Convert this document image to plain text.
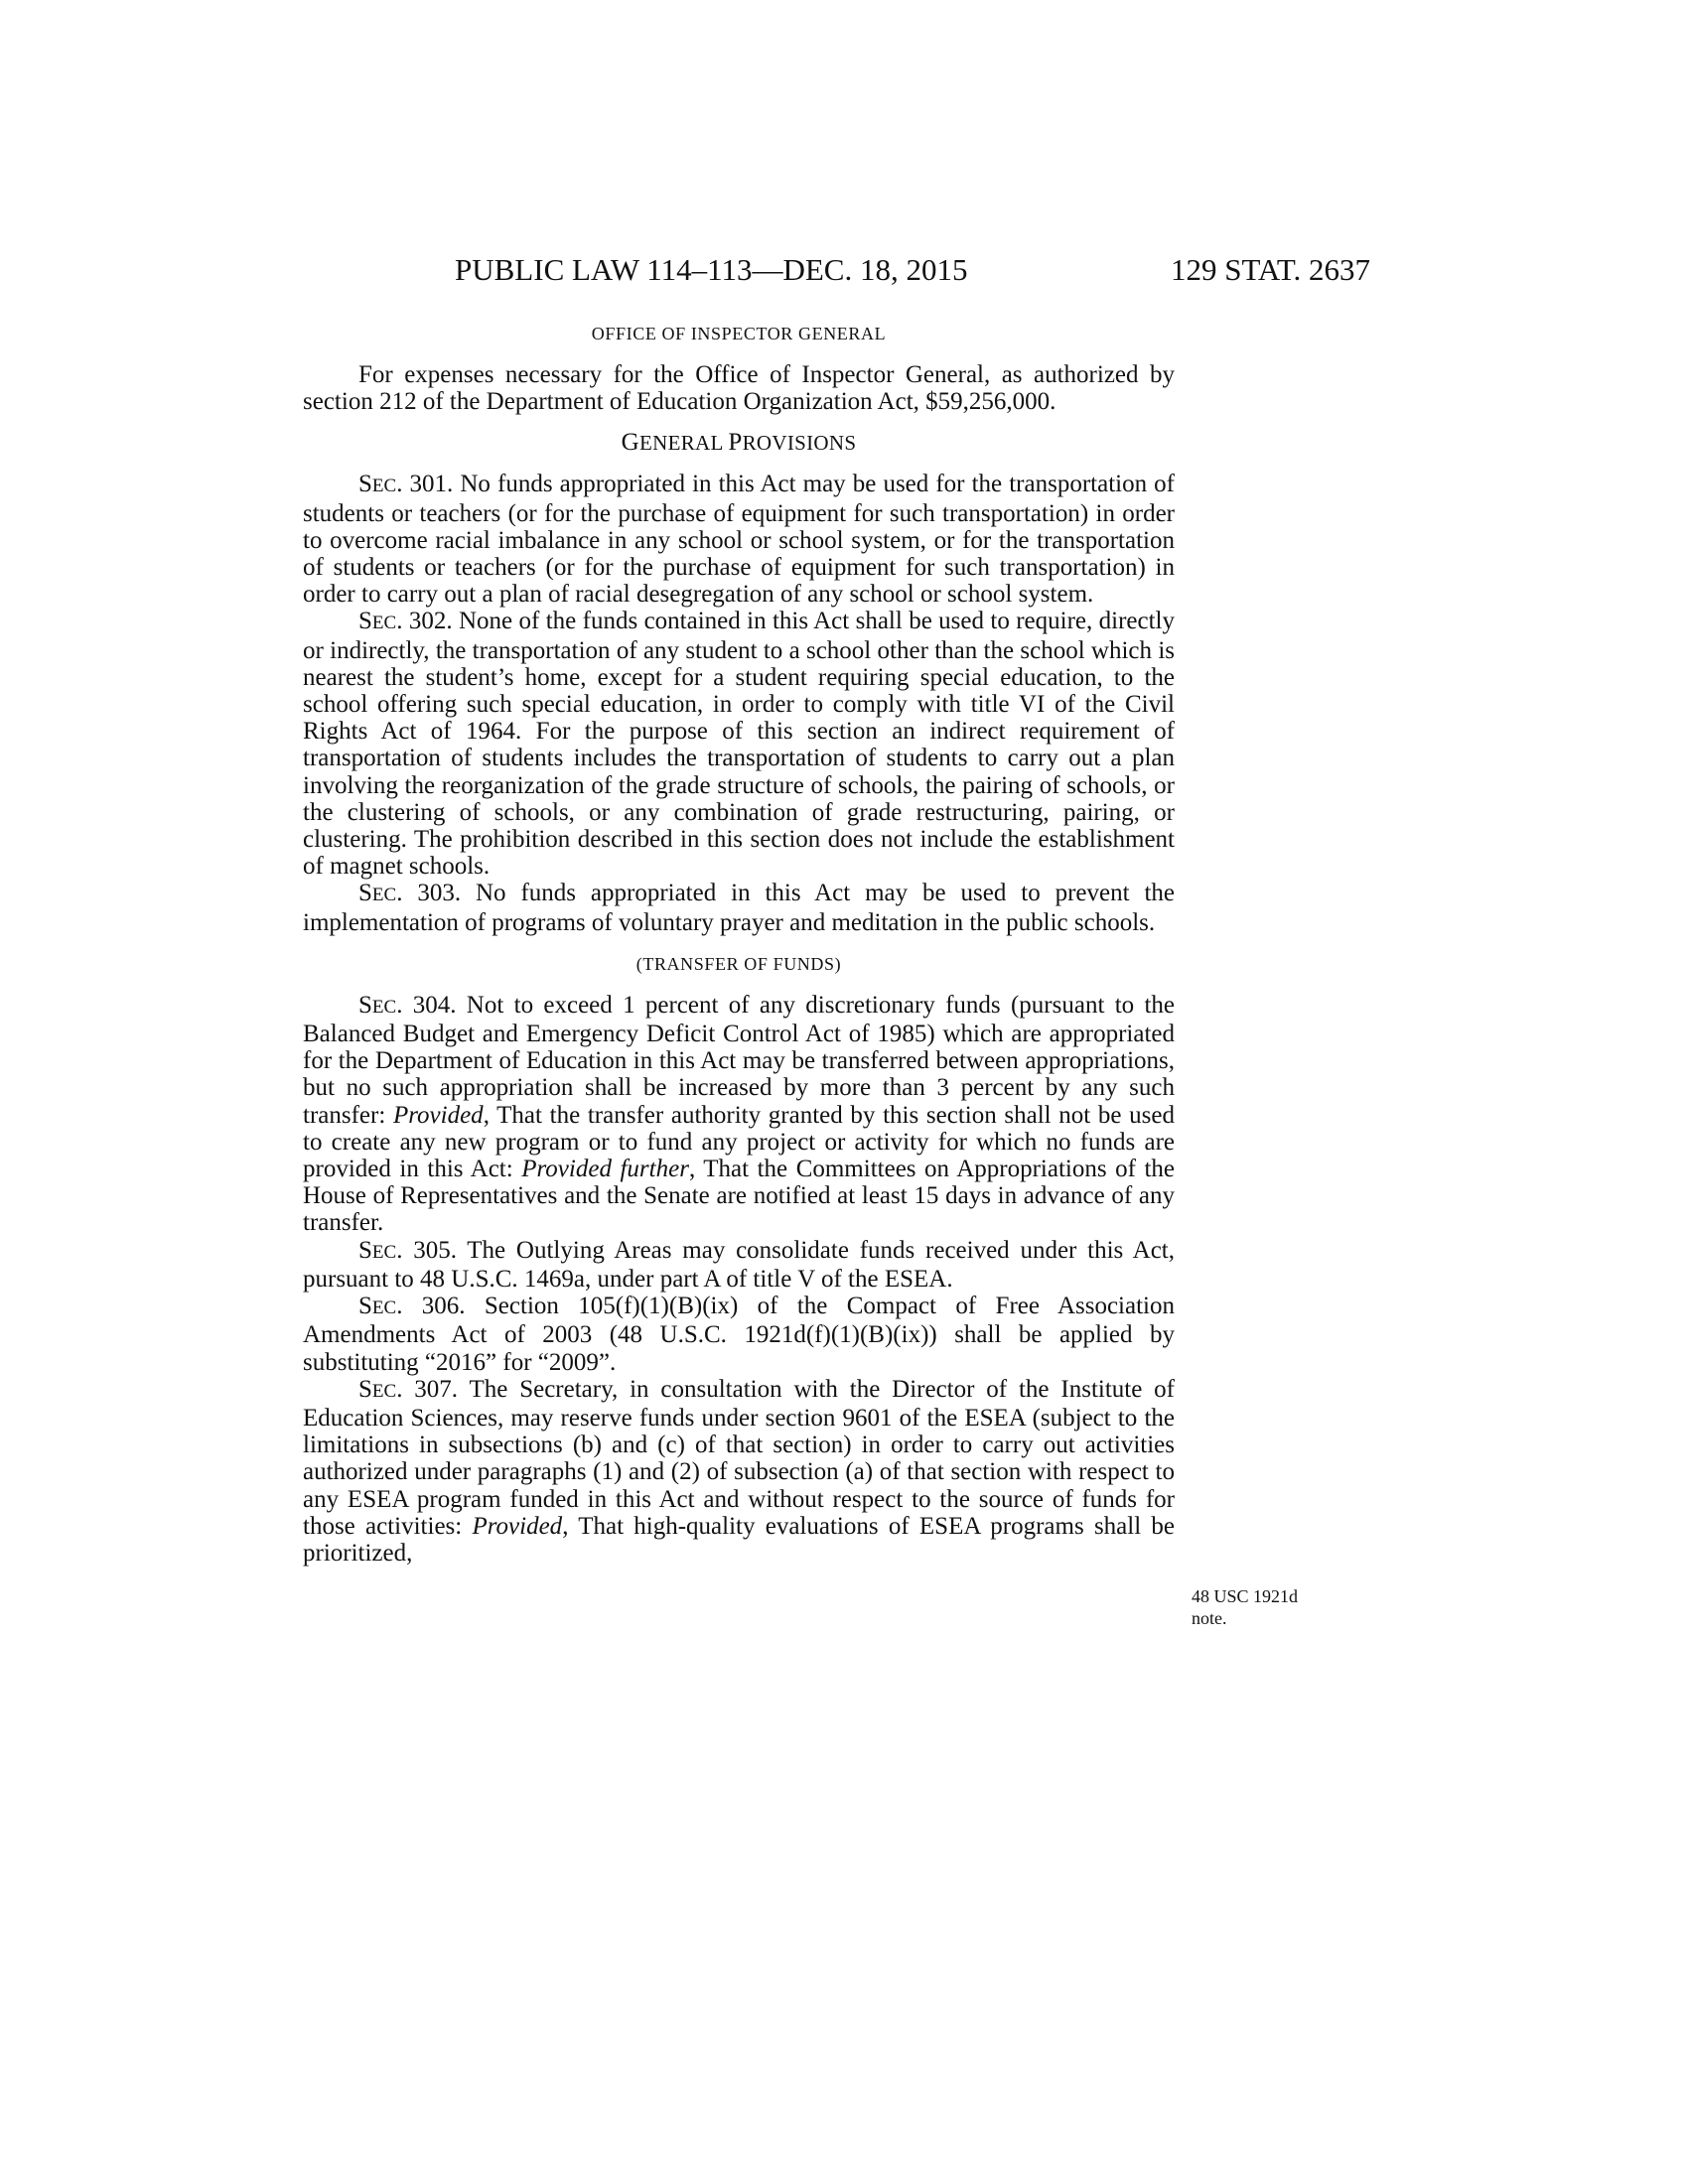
PUBLIC LAW 114–113—DEC. 18, 2015	129 STAT. 2637
OFFICE OF INSPECTOR GENERAL

For expenses necessary for the Office of Inspector General, as authorized by section 212 of the Department of Education Organization Act, $59,256,000.

GENERAL PROVISIONS

SEC. 301. No funds appropriated in this Act may be used for the transportation of students or teachers (or for the purchase of equipment for such transportation) in order to overcome racial imbalance in any school or school system, or for the transportation of students or teachers (or for the purchase of equipment for such transportation) in order to carry out a plan of racial desegregation of any school or school system.

SEC. 302. None of the funds contained in this Act shall be used to require, directly or indirectly, the transportation of any student to a school other than the school which is nearest the student’s home, except for a student requiring special education, to the school offering such special education, in order to comply with title VI of the Civil Rights Act of 1964. For the purpose of this section an indirect requirement of transportation of students includes the transportation of students to carry out a plan involving the reorganization of the grade structure of schools, the pairing of schools, or the clustering of schools, or any combination of grade restructuring, pairing, or clustering. The prohibition described in this section does not include the establishment of magnet schools.

SEC. 303. No funds appropriated in this Act may be used to prevent the implementation of programs of voluntary prayer and meditation in the public schools.

(TRANSFER OF FUNDS)

SEC. 304. Not to exceed 1 percent of any discretionary funds (pursuant to the Balanced Budget and Emergency Deficit Control Act of 1985) which are appropriated for the Department of Education in this Act may be transferred between appropriations, but no such appropriation shall be increased by more than 3 percent by any such transfer: Provided, That the transfer authority granted by this section shall not be used to create any new program or to fund any project or activity for which no funds are provided in this Act: Provided further, That the Committees on Appropriations of the House of Representatives and the Senate are notified at least 15 days in advance of any transfer.

SEC. 305. The Outlying Areas may consolidate funds received under this Act, pursuant to 48 U.S.C. 1469a, under part A of title V of the ESEA.

SEC. 306. Section 105(f)(1)(B)(ix) of the Compact of Free Association Amendments Act of 2003 (48 U.S.C. 1921d(f)(1)(B)(ix)) shall be applied by substituting “2016” for “2009”.

SEC. 307. The Secretary, in consultation with the Director of the Institute of Education Sciences, may reserve funds under section 9601 of the ESEA (subject to the limitations in subsections (b) and (c) of that section) in order to carry out activities authorized under paragraphs (1) and (2) of subsection (a) of that section with respect to any ESEA program funded in this Act and without respect to the source of funds for those activities: Provided, That high-quality evaluations of ESEA programs shall be prioritized,

48 USC 1921d
note.
